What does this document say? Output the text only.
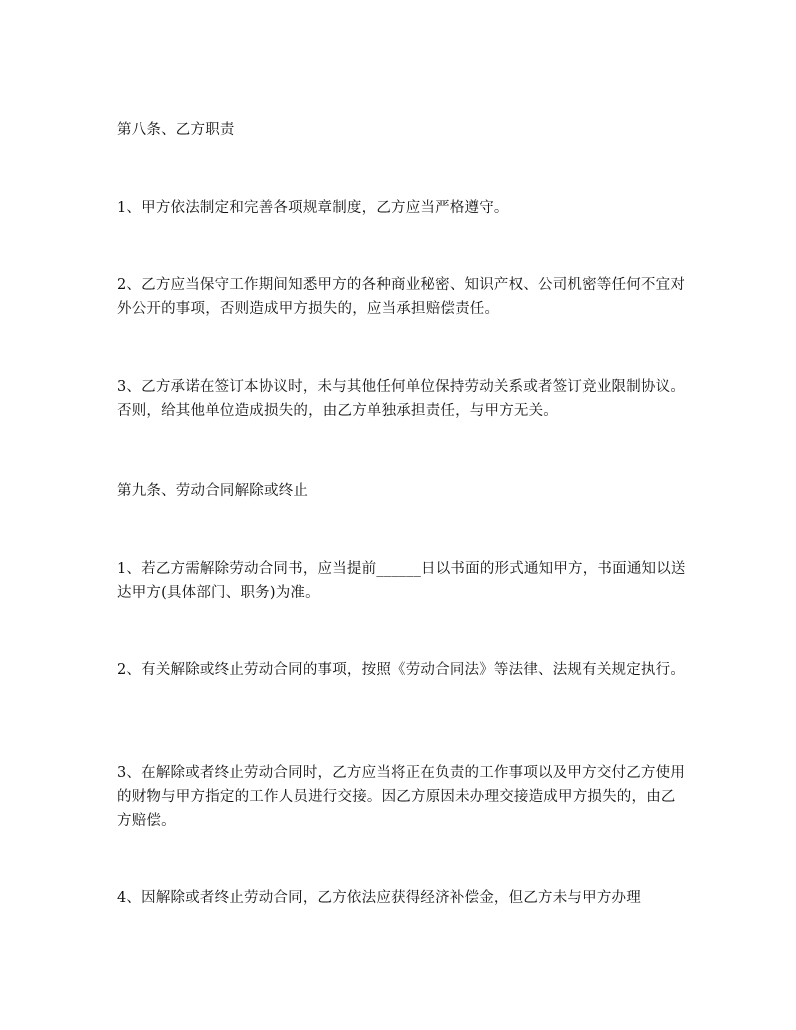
第八条、乙方职责
1、甲方依法制定和完善各项规章制度，乙方应当严格遵守。
2、乙方应当保守工作期间知悉甲方的各种商业秘密、知识产权、公司机密等任何不宜对外公开的事项，否则造成甲方损失的，应当承担赔偿责任。
3、乙方承诺在签订本协议时，未与其他任何单位保持劳动关系或者签订竞业限制协议。否则，给其他单位造成损失的，由乙方单独承担责任，与甲方无关。
第九条、劳动合同解除或终止
1、若乙方需解除劳动合同书，应当提前______日以书面的形式通知甲方，书面通知以送达甲方(具体部门、职务)为准。
2、有关解除或终止劳动合同的事项，按照《劳动合同法》等法律、法规有关规定执行。
3、在解除或者终止劳动合同时，乙方应当将正在负责的工作事项以及甲方交付乙方使用的财物与甲方指定的工作人员进行交接。因乙方原因未办理交接造成甲方损失的，由乙方赔偿。
4、因解除或者终止劳动合同，乙方依法应获得经济补偿金，但乙方未与甲方办理
